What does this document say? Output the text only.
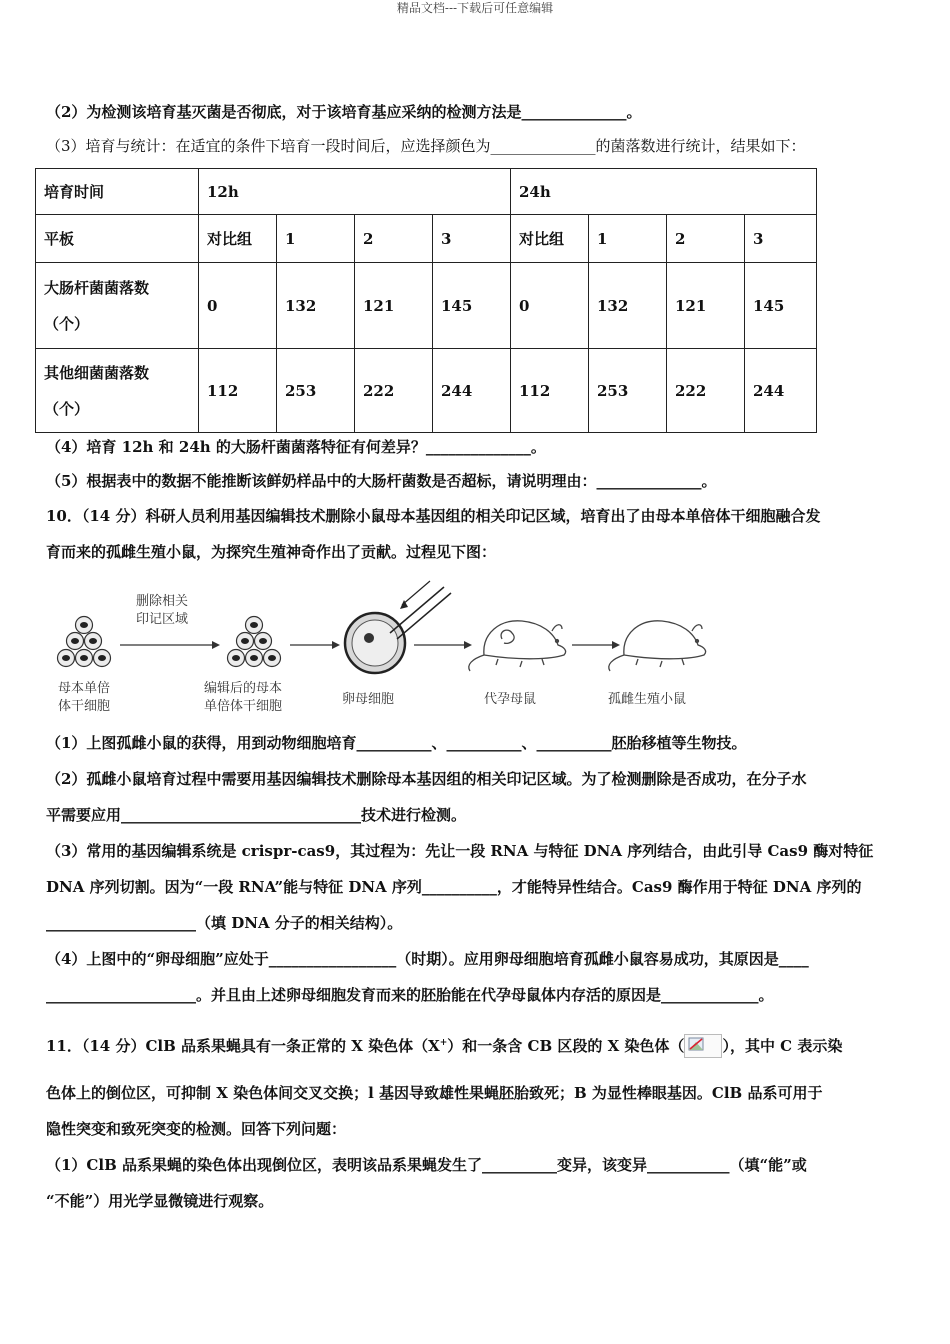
精品文档---下载后可任意编辑
（2）为检测该培育基灭菌是否彻底，对于该培育基应采纳的检测方法是______________。
（3）培育与统计：在适宜的条件下培育一段时间后，应选择颜色为______________的菌落数进行统计，结果如下：
培育时间	12h				24h			
平板	对比组	1	2	3	对比组	1	2	3

大肠杆菌菌落数
（个）	0	132	121	145	0	132	121	145

其他细菌菌落数
（个）	112	253	222	244	112	253	222	244
（4）培育 12h 和 24h 的大肠杆菌菌落特征有何差异？______________。
（5）根据表中的数据不能推断该鲜奶样品中的大肠杆菌数是否超标，请说明理由：______________。
10．（14 分）科研人员利用基因编辑技术删除小鼠母本基因组的相关印记区域，培育出了由母本单倍体干细胞融合发
育而来的孤雌生殖小鼠，为探究生殖神奇作出了贡献。过程见下图：
删除相关
印记区域
母本单倍
体干细胞
编辑后的母本
单倍体干细胞	卵母细胞	代孕母鼠	孤雌生殖小鼠
（1）上图孤雌小鼠的获得，用到动物细胞培育__________、__________、__________胚胎移植等生物技。
（2）孤雌小鼠培育过程中需要用基因编辑技术删除母本基因组的相关印记区域。为了检测删除是否成功，在分子水
平需要应用________________________________技术进行检测。
（3）常用的基因编辑系统是 crispr-cas9，其过程为：先让一段 RNA 与特征 DNA 序列结合，由此引导 Cas9 酶对特征
DNA 序列切割。因为“一段 RNA”能与特征 DNA 序列__________，才能特异性结合。Cas9 酶作用于特征 DNA 序列的
____________________（填 DNA 分子的相关结构）。
（4）上图中的“卵母细胞”应处于_________________（时期）。应用卵母细胞培育孤雌小鼠容易成功，其原因是____
____________________。并且由上述卵母细胞发育而来的胚胎能在代孕母鼠体内存活的原因是_____________。
11．（14 分）ClB 品系果蝇具有一条正常的 X 染色体（X+）和一条含 CB 区段的 X 染色体（	），其中 C 表示染
色体上的倒位区，可抑制 X 染色体间交叉交换；l 基因导致雄性果蝇胚胎致死；B 为显性棒眼基因。ClB 品系可用于
隐性突变和致死突变的检测。回答下列问题：
（1）ClB 品系果蝇的染色体出现倒位区，表明该品系果蝇发生了__________变异，该变异___________（填“能”或
“不能”）用光学显微镜进行观察。
